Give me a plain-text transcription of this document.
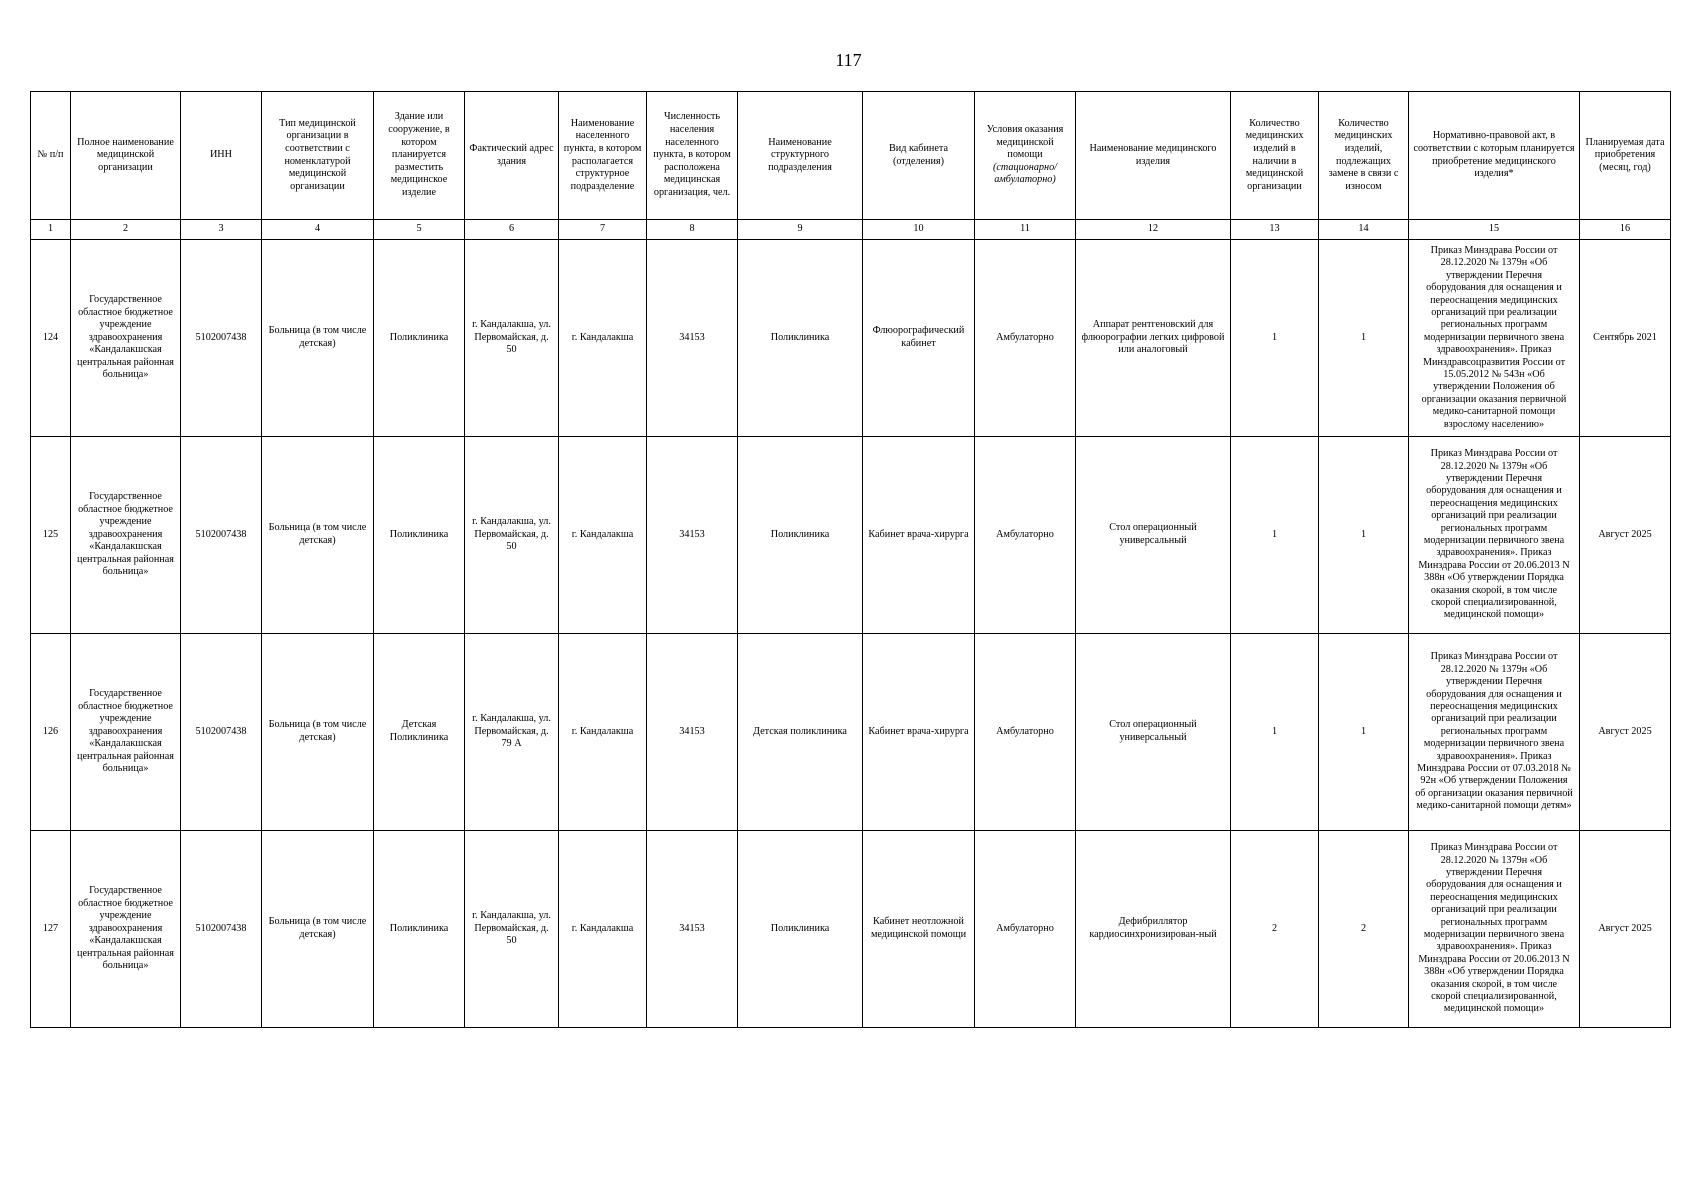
117
№ п/п	Полное наименование медицинской организации	ИНН	Тип медицинской организации в соответствии с номенклатурой медицинской организации	Здание или сооружение, в котором планируется разместить медицинское изделие	Фактический адрес здания	Наименование населенного пункта, в котором располагается структурное подразделение	Численность населения населенного пункта, в котором расположена медицинская организация, чел.	Наименование структурного подразделения	Вид кабинета (отделения)	Условия оказания медицинской помощи
(стационарно/ амбулаторно)	Наименование медицинского изделия	Количество медицинских изделий в наличии в медицинской организации	Количество медицинских изделий, подлежащих замене в связи с износом	Нормативно-правовой акт, в соответствии с которым планируется приобретение медицинского изделия*	Планируемая дата приобретения (месяц, год)
1	2	3	4	5	6	7	8	9	10	11	12	13	14	15	16
124	Государственное областное бюджетное учреждение здравоохранения «Кандалакшская центральная районная больница»	5102007438	Больница (в том числе детская)	Поликлиника	г. Кандалакша, ул. Первомайская, д. 50	г. Кандалакша	34153	Поликлиника	Флюорографический кабинет	Амбулаторно	Аппарат рентгеновский для флюорографии легких цифровой или аналоговый	1	1	Приказ Минздрава России от 28.12.2020 № 1379н «Об утверждении Перечня оборудования для оснащения и переоснащения медицинских организаций при реализации региональных программ модернизации первичного звена здравоохранения». Приказ Минздравсоцразвития России от 15.05.2012 № 543н «Об утверждении Положения об организации оказания первичной медико-санитарной помощи взрослому населению»	Сентябрь 2021
125	Государственное областное бюджетное учреждение здравоохранения «Кандалакшская центральная районная больница»	5102007438	Больница (в том числе детская)	Поликлиника	г. Кандалакша, ул. Первомайская, д. 50	г. Кандалакша	34153	Поликлиника	Кабинет врача-хирурга	Амбулаторно	Стол операционный универсальный	1	1	Приказ Минздрава России от 28.12.2020 № 1379н «Об утверждении Перечня оборудования для оснащения и переоснащения медицинских организаций при реализации региональных программ модернизации первичного звена здравоохранения». Приказ Минздрава России от 20.06.2013 N 388н «Об утверждении Порядка оказания скорой, в том числе скорой специализированной, медицинской помощи»	Август 2025
126	Государственное областное бюджетное учреждение здравоохранения «Кандалакшская центральная районная больница»	5102007438	Больница (в том числе детская)	Детская Поликлиника	г. Кандалакша, ул. Первомайская, д. 79 А	г. Кандалакша	34153	Детская поликлиника	Кабинет врача-хирурга	Амбулаторно	Стол операционный универсальный	1	1	Приказ Минздрава России от 28.12.2020 № 1379н «Об утверждении Перечня оборудования для оснащения и переоснащения медицинских организаций при реализации региональных программ модернизации первичного звена здравоохранения». Приказ Минздрава России от 07.03.2018 № 92н «Об утверждении Положения об организации оказания первичной медико-санитарной помощи детям»	Август 2025
127	Государственное областное бюджетное учреждение здравоохранения «Кандалакшская центральная районная больница»	5102007438	Больница (в том числе детская)	Поликлиника	г. Кандалакша, ул. Первомайская, д. 50	г. Кандалакша	34153	Поликлиника	Кабинет неотложной медицинской помощи	Амбулаторно	Дефибриллятор кардиосинхронизирован-ный	2	2	Приказ Минздрава России от 28.12.2020 № 1379н «Об утверждении Перечня оборудования для оснащения и переоснащения медицинских организаций при реализации региональных программ модернизации первичного звена здравоохранения». Приказ Минздрава России от 20.06.2013 N 388н «Об утверждении Порядка оказания скорой, в том числе скорой специализированной, медицинской помощи»	Август 2025
